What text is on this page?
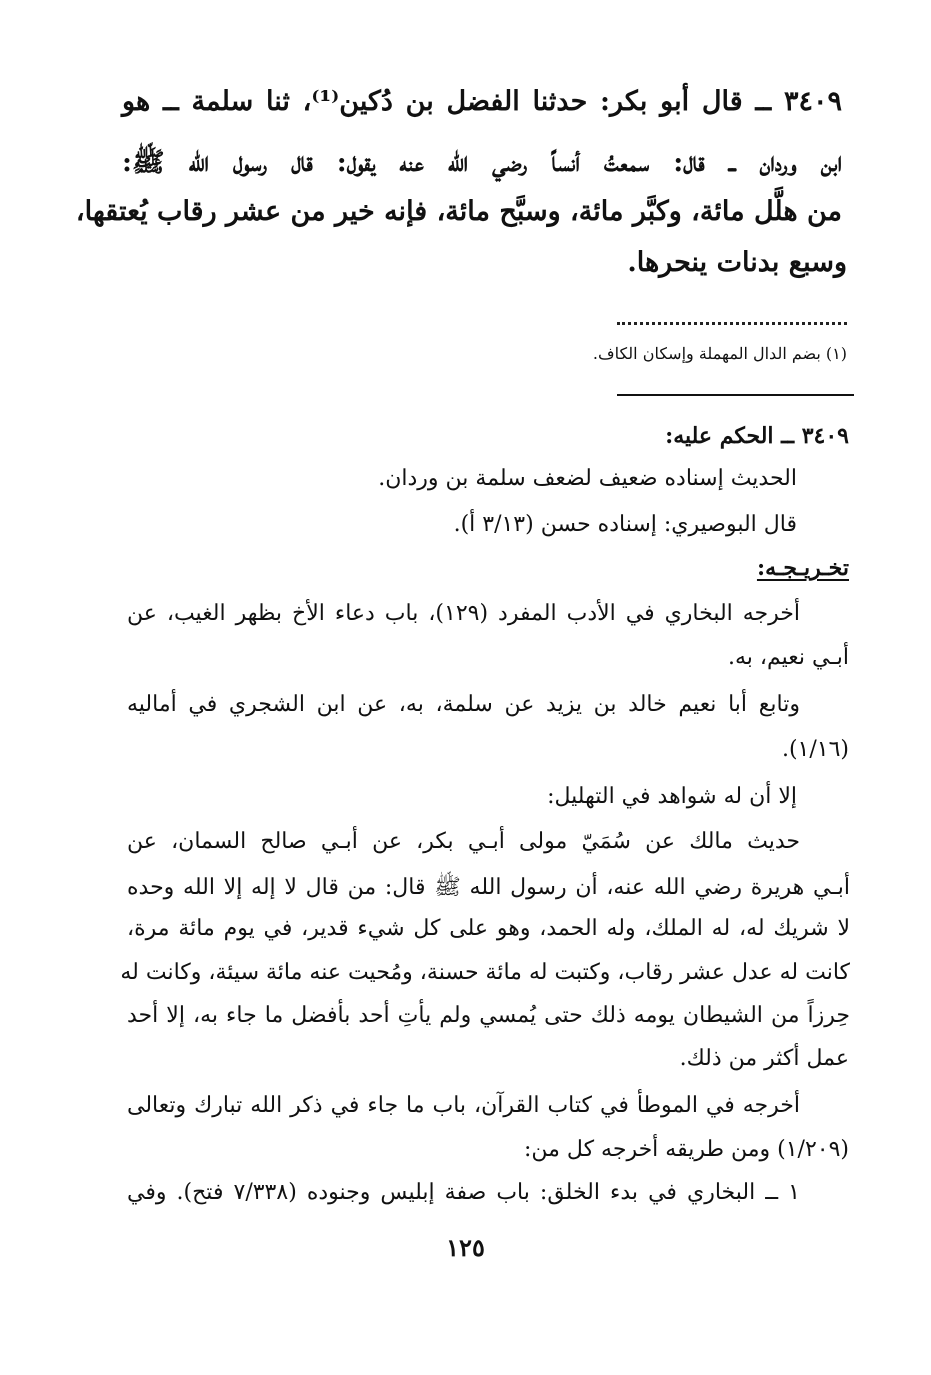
٣٤٠٩ ــ قال أبو بكر: حدثنا الفضل بن دُكين⁽¹⁾، ثنا سلمة ــ هو
ابن وردان ــ قال: سمعتُ أنساً رضي الله عنه يقول: قال رسول الله ﷺ:
من هلَّل مائة، وكبَّر مائة، وسبَّح مائة، فإنه خير من عشر رقاب يُعتقها،
وسبع بدنات ينحرها.
(١) بضم الدال المهملة وإسكان الكاف.
٣٤٠٩ ــ الحكم عليه:
الحديث إسناده ضعيف لضعف سلمة بن وردان.
قال البوصيري: إسناده حسن (٣/١٣ أ).
تخـريـجـه:
أخرجه البخاري في الأدب المفرد (١٢٩)، باب دعاء الأخ بظهر الغيب، عن
أبـي نعيم، به.
وتابع أبا نعيم خالد بن يزيد عن سلمة، به، عن ابن الشجري في أماليه
(١/١٦).
إلا أن له شواهد في التهليل:
حديث مالك عن سُمَيّ مولى أبـي بكر، عن أبـي صالح السمان، عن
أبـي هريرة رضي الله عنه، أن رسول الله ﷺ قال: من قال لا إله إلا الله وحده
لا شريك له، له الملك، وله الحمد، وهو على كل شيء قدير، في يوم مائة مرة،
كانت له عدل عشر رقاب، وكتبت له مائة حسنة، ومُحيت عنه مائة سيئة، وكانت له
حِرزاً من الشيطان يومه ذلك حتى يُمسي ولم يأتِ أحد بأفضل ما جاء به، إلا أحد
عمل أكثر من ذلك.
أخرجه في الموطأ في كتاب القرآن، باب ما جاء في ذكر الله تبارك وتعالى
(١/٢٠٩) ومن طريقه أخرجه كل من:
١ ــ البخاري في بدء الخلق: باب صفة إبليس وجنوده (٧/٣٣٨ فتح). وفي
١٢٥
